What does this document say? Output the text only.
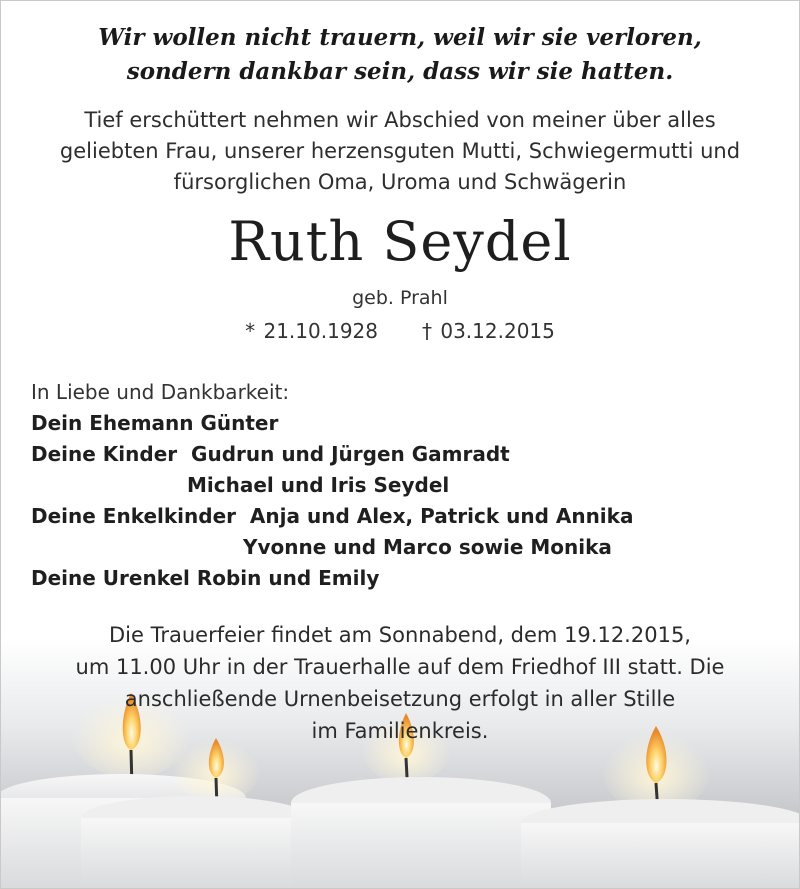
Wir wollen nicht trauern, weil wir sie verloren,
sondern dankbar sein, dass wir sie hatten.
Tief erschüttert nehmen wir Abschied von meiner über alles
geliebten Frau, unserer herzensguten Mutti, Schwiegermutti und
fürsorglichen Oma, Uroma und Schwägerin
Ruth Seydel
geb. Prahl
* 21.10.1928 † 03.12.2015
In Liebe und Dankbarkeit:
Dein Ehemann Günter
Deine Kinder  Gudrun und Jürgen Gamradt
Michael und Iris Seydel
Deine Enkelkinder  Anja und Alex, Patrick und Annika
Yvonne und Marco sowie Monika
Deine Urenkel Robin und Emily
Die Trauerfeier findet am Sonnabend, dem 19.12.2015,
um 11.00 Uhr in der Trauerhalle auf dem Friedhof III statt. Die
anschließende Urnenbeisetzung erfolgt in aller Stille
im Familienkreis.
